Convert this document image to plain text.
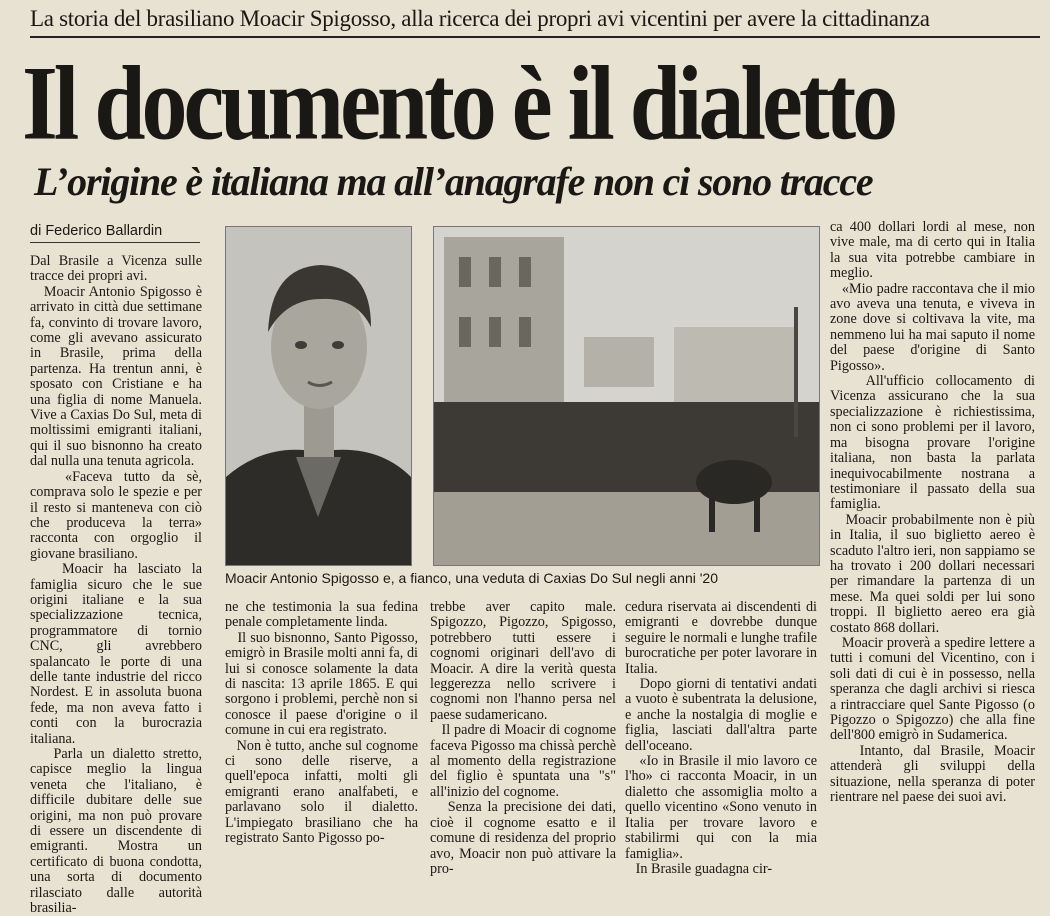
La storia del brasiliano Moacir Spigosso, alla ricerca dei propri avi vicentini per avere la cittadinanza
Il documento è il dialetto
L’origine è italiana ma all’anagrafe non ci sono tracce
di Federico Ballardin
Dal Brasile a Vicenza sulle tracce dei propri avi.
Moacir Antonio Spigosso è arrivato in città due settimane fa, convinto di trovare lavoro, come gli avevano assicurato in Brasile, prima della partenza. Ha trentun anni, è sposato con Cristiane e ha una figlia di nome Manuela. Vive a Caxias Do Sul, meta di moltissimi emigranti italiani, qui il suo bisnonno ha creato dal nulla una tenuta agricola.
«Faceva tutto da sè, comprava solo le spezie e per il resto si manteneva con ciò che produceva la terra» racconta con orgoglio il giovane brasiliano.
Moacir ha lasciato la famiglia sicuro che le sue origini italiane e la sua specializzazione tecnica, programmatore di tornio CNC, gli avrebbero spalancato le porte di una delle tante industrie del ricco Nordest. E in assoluta buona fede, ma non aveva fatto i conti con la burocrazia italiana.
Parla un dialetto stretto, capisce meglio la lingua veneta che l'italiano, è difficile dubitare delle sue origini, ma non può provare di essere un discendente di emigranti. Mostra un certificato di buona condotta, una sorta di documento rilasciato dalle autorità brasilia-
Moacir Antonio Spigosso e, a fianco, una veduta di Caxias Do Sul negli anni '20
ne che testimonia la sua fedina penale completamente linda.
Il suo bisnonno, Santo Pigosso, emigrò in Brasile molti anni fa, di lui si conosce solamente la data di nascita: 13 aprile 1865. E qui sorgono i problemi, perchè non si conosce il paese d'origine o il comune in cui era registrato.
Non è tutto, anche sul cognome ci sono delle riserve, a quell'epoca infatti, molti gli emigranti erano analfabeti, e parlavano solo il dialetto. L'impiegato brasiliano che ha registrato Santo Pigosso po-
trebbe aver capito male. Spigozzo, Pigozzo, Spigosso, potrebbero tutti essere i cognomi originari dell'avo di Moacir. A dire la verità questa leggerezza nello scrivere i cognomi non l'hanno persa nel paese sudamericano.
Il padre di Moacir di cognome faceva Pigosso ma chissà perchè al momento della registrazione del figlio è spuntata una "s" all'inizio del cognome.
Senza la precisione dei dati, cioè il cognome esatto e il comune di residenza del proprio avo, Moacir non può attivare la pro-
cedura riservata ai discendenti di emigranti e dovrebbe dunque seguire le normali e lunghe trafile burocratiche per poter lavorare in Italia.
Dopo giorni di tentativi andati a vuoto è subentrata la delusione, e anche la nostalgia di moglie e figlia, lasciati dall'altra parte dell'oceano.
«Io in Brasile il mio lavoro ce l'ho» ci racconta Moacir, in un dialetto che assomiglia molto a quello vicentino «Sono venuto in Italia per trovare lavoro e stabilirmi qui con la mia famiglia».
In Brasile guadagna cir-
ca 400 dollari lordi al mese, non vive male, ma di certo qui in Italia la sua vita potrebbe cambiare in meglio.
«Mio padre raccontava che il mio avo aveva una tenuta, e viveva in zone dove si coltivava la vite, ma nemmeno lui ha mai saputo il nome del paese d'origine di Santo Pigosso».
All'ufficio collocamento di Vicenza assicurano che la sua specializzazione è richiestissima, non ci sono problemi per il lavoro, ma bisogna provare l'origine italiana, non basta la parlata inequivocabilmente nostrana a testimoniare il passato della sua famiglia.
Moacir probabilmente non è più in Italia, il suo biglietto aereo è scaduto l'altro ieri, non sappiamo se ha trovato i 200 dollari necessari per rimandare la partenza di un mese. Ma quei soldi per lui sono troppi. Il biglietto aereo era già costato 868 dollari.
Moacir proverà a spedire lettere a tutti i comuni del Vicentino, con i soli dati di cui è in possesso, nella speranza che dagli archivi si riesca a rintracciare quel Sante Pigosso (o Pigozzo o Spigozzo) che alla fine dell'800 emigrò in Sudamerica.
Intanto, dal Brasile, Moacir attenderà gli sviluppi della situazione, nella speranza di poter rientrare nel paese dei suoi avi.
